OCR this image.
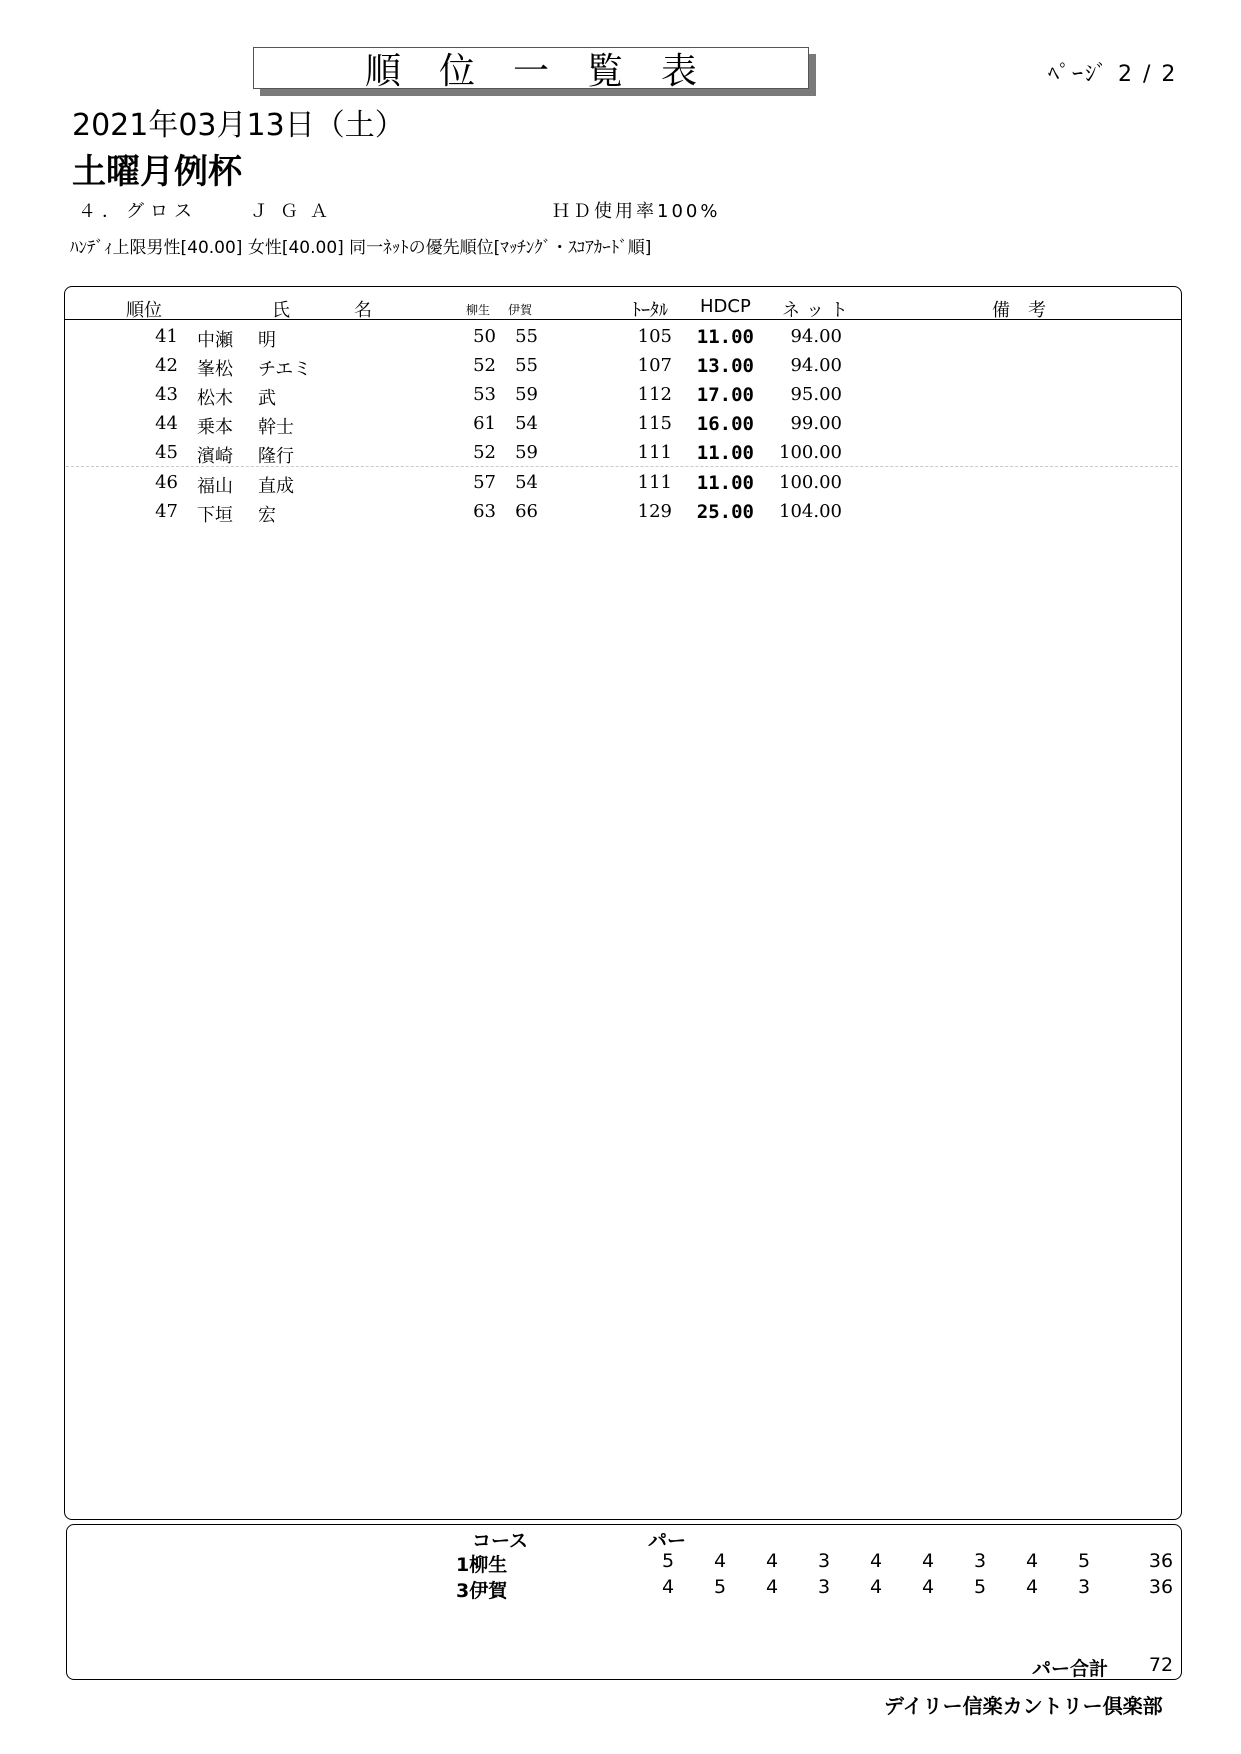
順位一覧表	ﾍﾟｰｼﾞ 2 / 2
2021年03月13日（土）
土曜月例杯
４．グロス	ＪＧＡ	ＨＤ使用率100%
ﾊﾝﾃﾞｨ上限男性[40.00] 女性[40.00] 同一ﾈｯﾄの優先順位[ﾏｯﾁﾝｸﾞ・ｽｺｱｶｰﾄﾞ順]
順位	氏	名	柳生 伊賀	ﾄｰﾀﾙ HDCP ネット	備　考
41 中瀬 明	50 55	105 11.00	94.00
42 峯松 チエミ	52 55	107 13.00	94.00
43 松木 武	53 59	112 17.00	95.00
44 乗本 幹士	61 54	115 16.00	99.00
45 濱崎 隆行	52 59	111 11.00 100.00
46 福山 直成	57 54	111 11.00 100.00
47 下垣 宏	63 66	129 25.00 104.00
コース	パー
1柳生	5 4 4 3 4 4 3 4 5	36
3伊賀	4 5 4 3 4 4 5 4 3	36
パー合計 72
デイリー信楽カントリー倶楽部
